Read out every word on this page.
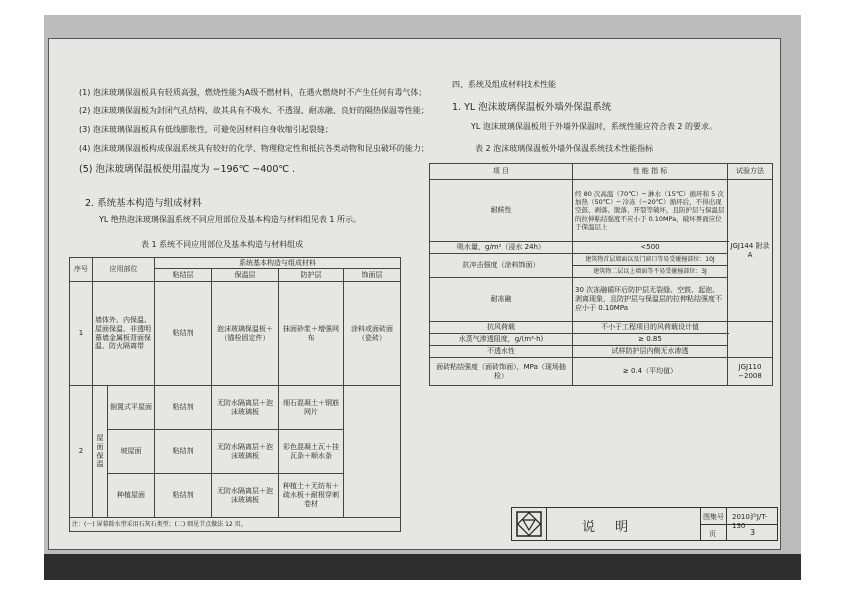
(1) 泡沫玻璃保温板具有轻质高强，燃烧性能为A级不燃材料，在遇火燃烧时不产生任何有毒气体；
(2) 泡沫玻璃保温板为封闭气孔结构，故其具有不吸水、不透湿、耐冻融、良好的隔热保温等性能；
(3) 泡沫玻璃保温板具有低线膨胀性，可避免因材料自身收缩引起裂缝；
(4) 泡沫玻璃保温板构成保温系统具有较好的化学、物理稳定性和抵抗各类动物和昆虫破坏的能力；
(5) 泡沫玻璃保温板使用温度为 −196℃ ~400℃ .
2. 系统基本构造与组成材料
YL 绝热泡沫玻璃保温系统不同应用部位及基本构造与材料组见表 1 所示。
表 1 系统不同应用部位及基本构造与材料组成
序号	应用部位		系统基本构造与组成材料			
			粘结层	保温层	防护层	饰面层
1	墙体外、内保温、屋面保温、非透明幕墙金属板背面保温、防火隔离带		粘结剂	泡沫玻璃保温板＋（锚栓固定件）	抹面砂浆＋增强网布	涂料或面砖面（瓷砖）
2	屋面保温	倒置式平屋面	粘结剂	无防水隔离层＋泡沫玻璃板	细石混凝土＋钢筋网片	
		坡屋面	粘结剂	无防水隔离层＋泡沫玻璃板	彩色混凝土瓦＋挂瓦条＋顺水条	
		种植屋面	粘结剂	无防水隔离层＋泡沫玻璃板	种植土＋无纺布＋疏水板＋耐根穿刺卷材	
注：(一) 屏幕除水型采用石灰石类型；(二) 细见节点做法 12 页。						
四、系统及组成材料技术性能
1. YL 泡沫玻璃保温板外墙外保温系统
YL 泡沫玻璃保温板用于外墙外保温时，系统性能应符合表 2 的要求。
表 2 泡沫玻璃保温板外墙外保温系统技术性能指标
项 目	性 能 指 标	试验方法
耐候性	经 80 次高温（70℃）─ 淋水（15℃）循环和 5 次加热（50℃）─ 冷冻（−20℃）循环后，不得出现空鼓、剥落、脱落、开裂等破坏，且防护层与保温层的拉伸粘结强度不应小于 0.10MPa，破坏界面应位于保温层上	JGJ144 附录A
吸水量，g/m²（浸水 24h）	<500	
抗冲击强度（涂料饰面）	建筑物首层墙面以及门窗口等易受碰撞部位：10J	
	建筑物二层以上墙面等不易受碰撞部位：3J	
耐冻融	30 次冻融循环后防护层无裂缝、空鼓、起泡、剥离现象，且防护层与保温层的拉伸粘结强度不应小于 0.10MPa	
抗风荷载	不小于工程项目的风荷载设计值	
水蒸气渗透阻度，g/(m²·h)	≥ 0.85	
不透水性	试样防护层内侧无水渗透	
面砖粘结强度（面砖饰面），MPa（现场抽检）	≥ 0.4（平均值）	JGJ110 −2008
说 明
图集号 2010沪J/T-130
页	3
